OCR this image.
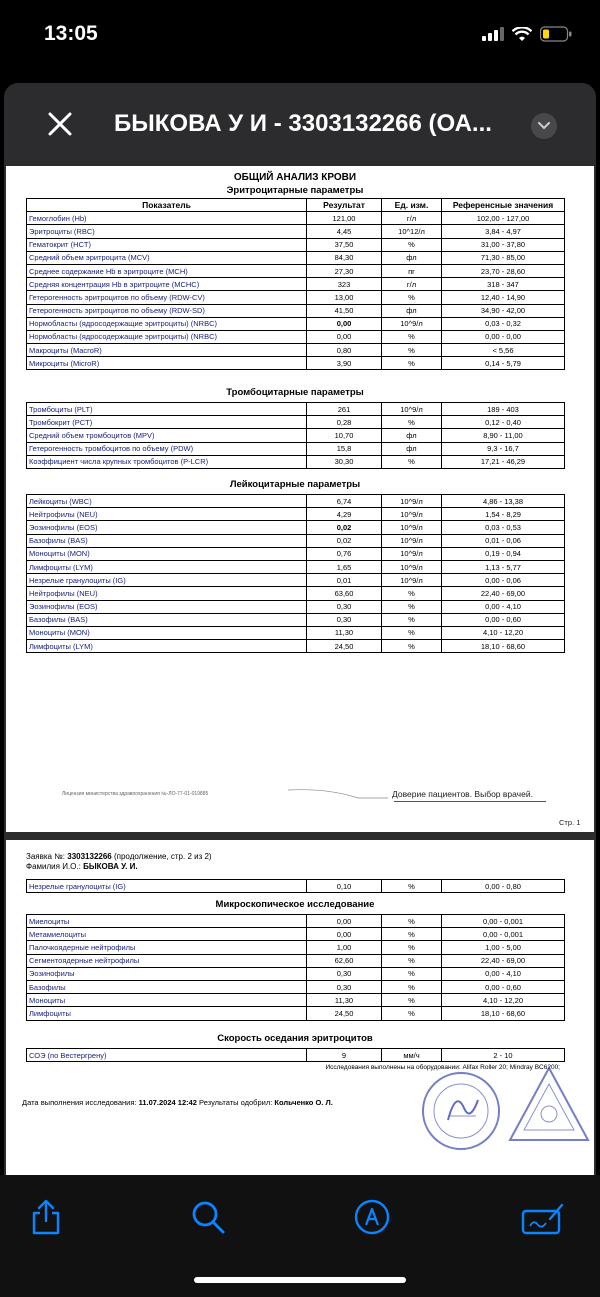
13:05
БЫКОВА У И - 3303132266 (ОА...
ОБЩИЙ АНАЛИЗ КРОВИ
Эритроцитарные параметры
Показатель	Результат	Ед. изм.	Референсные значения
Гемоглобин (Hb)	121,00	г/л	102,00 - 127,00
Эритроциты (RBC)	4,45	10^12/л	3,84 - 4,97
Гематокрит (HCT)	37,50	%	31,00 - 37,80
Средний объем эритроцита (MCV)	84,30	фл	71,30 - 85,00
Среднее содержание Hb в эритроците (MCH)	27,30	пг	23,70 - 28,60
Средняя концентрация Hb в эритроците (MCHC)	323	г/л	318 - 347
Гетерогенность эритроцитов по объему (RDW-CV)	13,00	%	12,40 - 14,90
Гетерогенность эритроцитов по объему (RDW-SD)	41,50	фл	34,90 - 42,00
Нормобласты (ядросодержащие эритроциты) (NRBC)	0,00	10^9/л	0,03 - 0,32
Нормобласты (ядросодержащие эритроциты) (NRBC)	0,00	%	0,00 - 0,00
Макроциты (MacroR)	0,80	%	< 5,56
Микроциты (MicroR)	3,90	%	0,14 - 5,79
Тромбоцитарные параметры
Тромбоциты (PLT)	261	10^9/л	189 - 403
Тромбокрит (PCT)	0,28	%	0,12 - 0,40
Средний объем тромбоцитов (MPV)	10,70	фл	8,90 - 11,00
Гетерогенность тромбоцитов по объему (PDW)	15,8	фл	9,3 - 16,7
Коэффициент числа крупных тромбоцитов (P-LCR)	30,30	%	17,21 - 46,29
Лейкоцитарные параметры
Лейкоциты (WBC)	6,74	10^9/л	4,86 - 13,38
Нейтрофилы (NEU)	4,29	10^9/л	1,54 - 8,29
Эозинофилы (EOS)	0,02	10^9/л	0,03 - 0,53
Базофилы (BAS)	0,02	10^9/л	0,01 - 0,06
Моноциты (MON)	0,76	10^9/л	0,19 - 0,94
Лимфоциты (LYM)	1,65	10^9/л	1,13 - 5,77
Незрелые гранулоциты (IG)	0,01	10^9/л	0,00 - 0,06
Нейтрофилы (NEU)	63,60	%	22,40 - 69,00
Эозинофилы (EOS)	0,30	%	0,00 - 4,10
Базофилы (BAS)	0,30	%	0,00 - 0,60
Моноциты (MON)	11,30	%	4,10 - 12,20
Лимфоциты (LYM)	24,50	%	18,10 - 68,60
Лицензия министерства здравоохранения №-ЛО-77-01-019885	Доверие пациентов. Выбор врачей.
Стр. 1
Заявка №: 3303132266 (продолжение, стр. 2 из 2)
Фамилия И.О.: БЫКОВА У. И.
Незрелые гранулоциты (IG)	0,10	%	0,00 - 0,80
Микроскопическое исследование
Миелоциты	0,00	%	0,00 - 0,001
Метамиелоциты	0,00	%	0,00 - 0,001
Палочкоядерные нейтрофилы	1,00	%	1,00 - 5,00
Сегментоядерные нейтрофилы	62,60	%	22,40 - 69,00
Эозинофилы	0,30	%	0,00 - 4,10
Базофилы	0,30	%	0,00 - 0,60
Моноциты	11,30	%	4,10 - 12,20
Лимфоциты	24,50	%	18,10 - 68,60
Скорость оседания эритроцитов
СОЭ (по Вестергрену)	9	мм/ч	2 - 10
Исследования выполнены на оборудовании: Alifax Roller 20; Mindray BC6200;
Дата выполнения исследования: 11.07.2024 12:42 Результаты одобрил: Кольченко О. Л.
